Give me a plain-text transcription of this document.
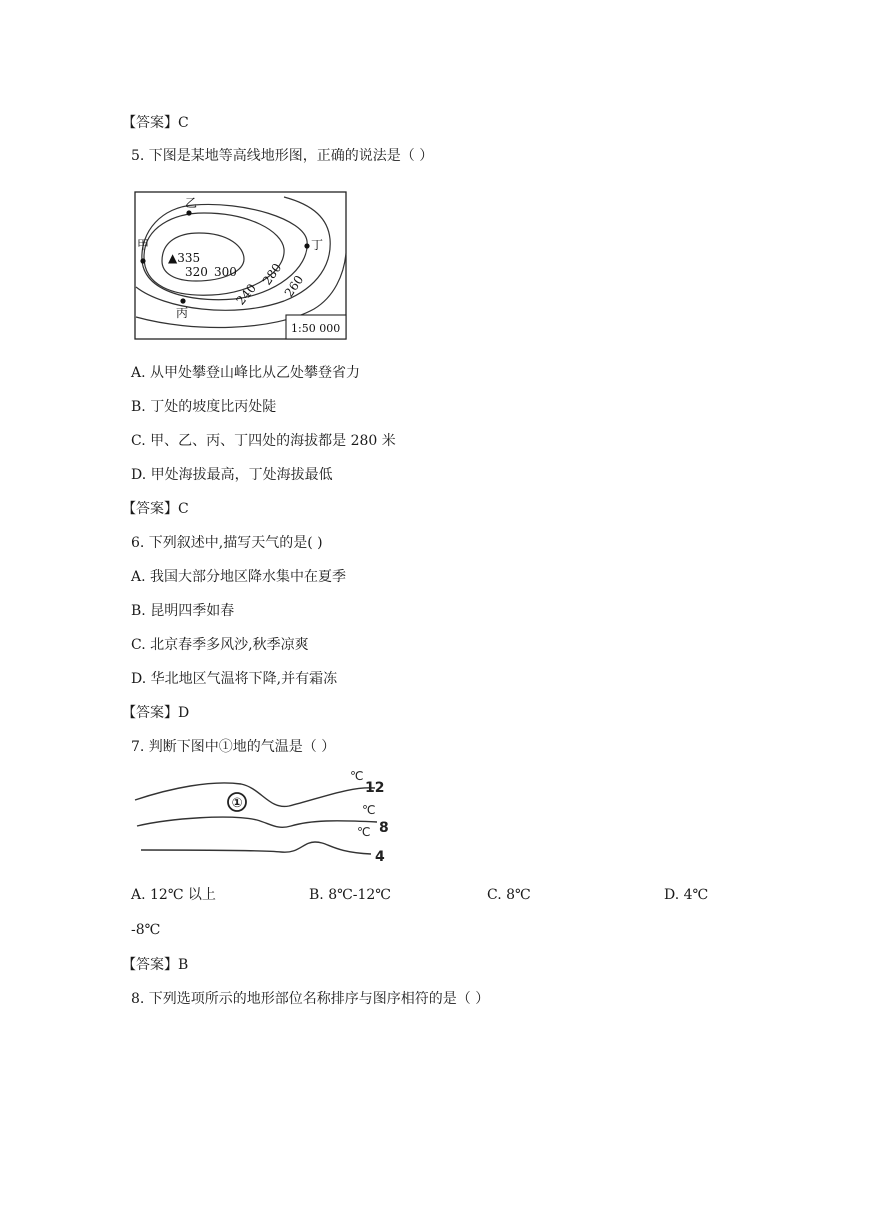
【答案】C
5. 下图是某地等高线地形图，正确的说法是（ ）
乙
甲
丙
丁
▲335
320 300 280
260
240
1:50 000
A. 从甲处攀登山峰比从乙处攀登省力
B. 丁处的坡度比丙处陡
C. 甲、乙、丙、丁四处的海拔都是 280 米
D. 甲处海拔最高，丁处海拔最低
【答案】C
6. 下列叙述中,描写天气的是( )
A. 我国大部分地区降水集中在夏季
B. 昆明四季如春
C. 北京春季多风沙,秋季凉爽
D. 华北地区气温将下降,并有霜冻
【答案】D
7. 判断下图中①地的气温是（ ）
①
℃
12
℃
℃ 8
4
A. 12℃ 以上	B. 8℃-12℃	C. 8℃	D. 4℃
-8℃
【答案】B
8. 下列选项所示的地形部位名称排序与图序相符的是（ ）
